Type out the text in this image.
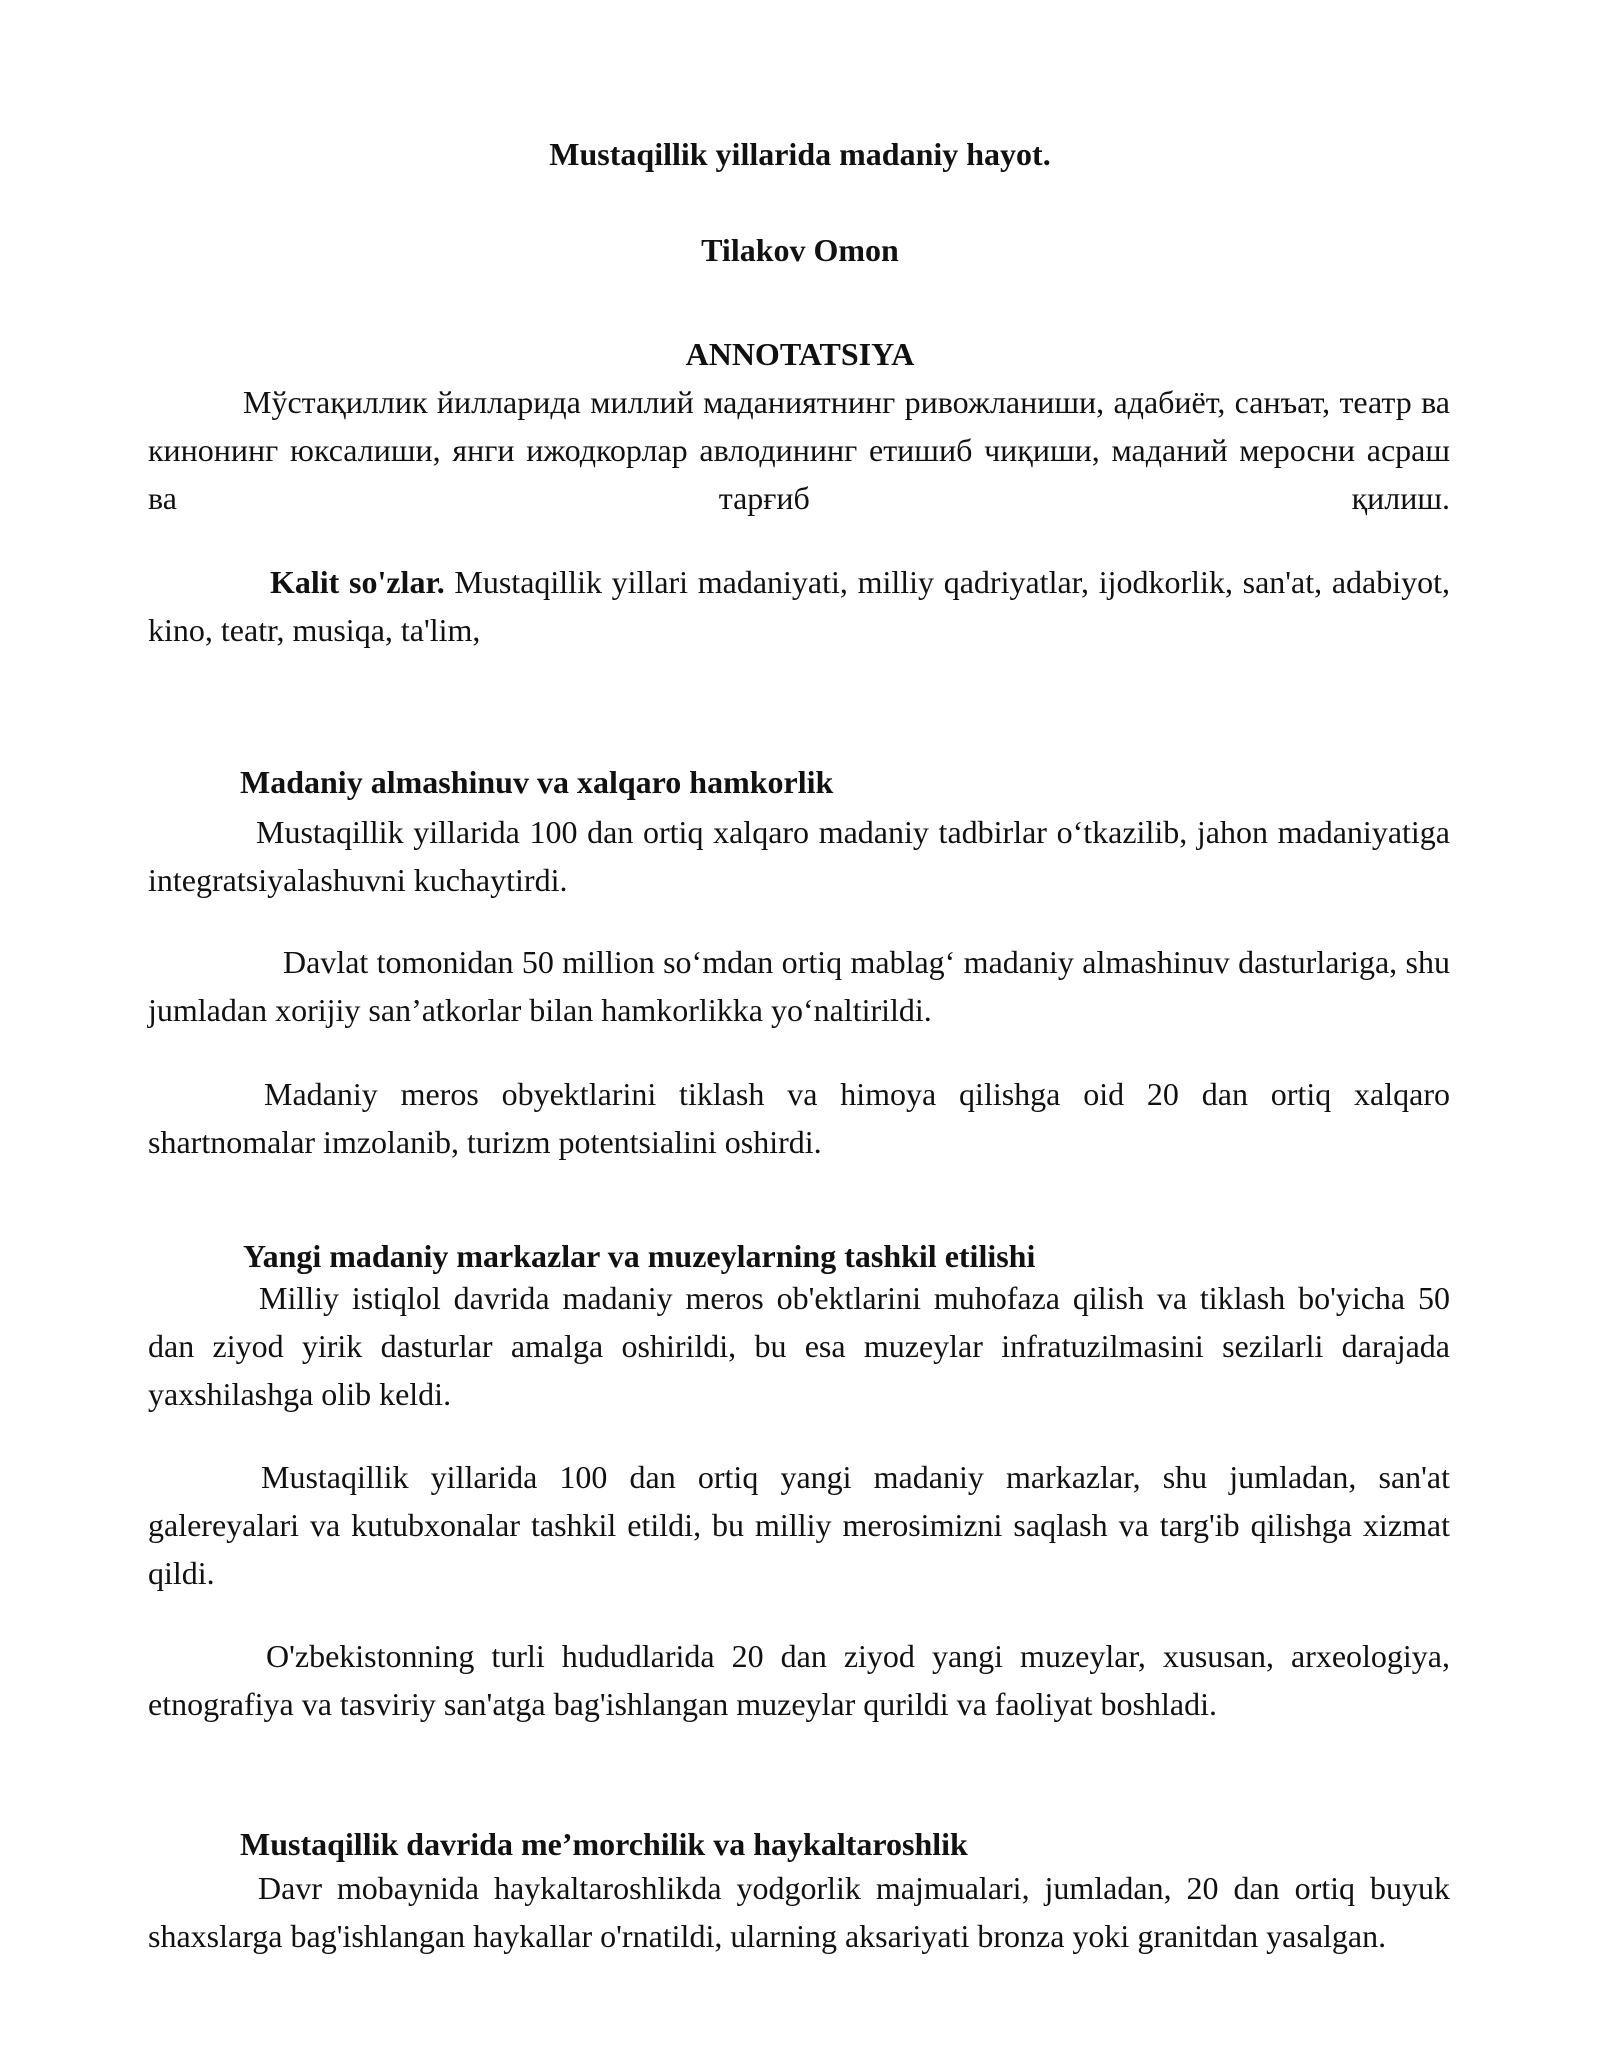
Mustaqillik yillarida madaniy hayot.

Tilakov Omon

ANNOTATSIYA

Мўстақиллик йилларида миллий маданиятнинг ривожланиши, адабиёт, санъат, театр ва кинонинг юксалиши, янги ижодкорлар авлодининг етишиб чиқиши, маданий меросни асраш ва тарғиб қилиш.

Kalit so'zlar. Mustaqillik yillari madaniyati, milliy qadriyatlar, ijodkorlik, san'at, adabiyot, kino, teatr, musiqa, ta'lim,

Madaniy almashinuv va xalqaro hamkorlik

Mustaqillik yillarida 100 dan ortiq xalqaro madaniy tadbirlar oʻtkazilib, jahon madaniyatiga integratsiyalashuvni kuchaytirdi.

Davlat tomonidan 50 million soʻmdan ortiq mablagʻ madaniy almashinuv dasturlariga, shu jumladan xorijiy san’atkorlar bilan hamkorlikka yoʻnaltirildi.

Madaniy meros obyektlarini tiklash va himoya qilishga oid 20 dan ortiq xalqaro shartnomalar imzolanib, turizm potentsialini oshirdi.

Yangi madaniy markazlar va muzeylarning tashkil etilishi

Milliy istiqlol davrida madaniy meros ob'ektlarini muhofaza qilish va tiklash bo'yicha 50 dan ziyod yirik dasturlar amalga oshirildi, bu esa muzeylar infratuzilmasini sezilarli darajada yaxshilashga olib keldi.

Mustaqillik yillarida 100 dan ortiq yangi madaniy markazlar, shu jumladan, san'at galereyalari va kutubxonalar tashkil etildi, bu milliy merosimizni saqlash va targ'ib qilishga xizmat qildi.

O'zbekistonning turli hududlarida 20 dan ziyod yangi muzeylar, xususan, arxeologiya, etnografiya va tasviriy san'atga bag'ishlangan muzeylar qurildi va faoliyat boshladi.

Mustaqillik davrida me’morchilik va haykaltaroshlik

Davr mobaynida haykaltaroshlikda yodgorlik majmualari, jumladan, 20 dan ortiq buyuk shaxslarga bag'ishlangan haykallar o'rnatildi, ularning aksariyati bronza yoki granitdan yasalgan.
